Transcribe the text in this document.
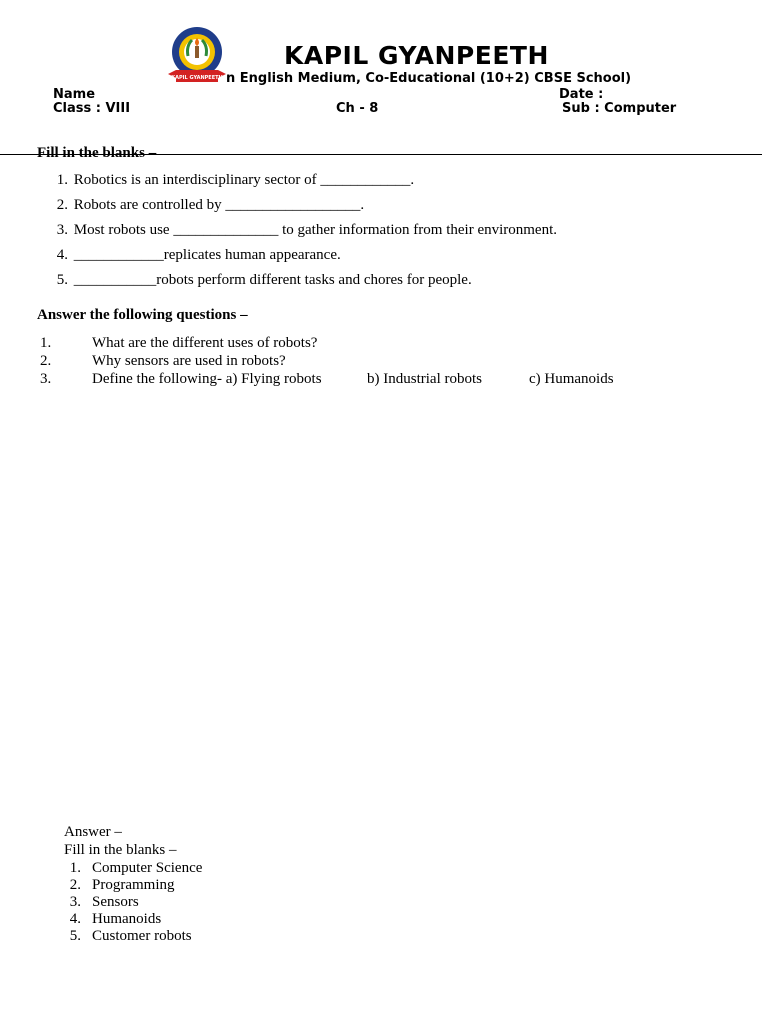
KAPIL GYANPEETH
KAPIL GYANPEETH
n English Medium, Co-Educational (10+2) CBSE School)
Name	Date :
Class : VIII	Ch - 8	Sub : Computer
Fill in the blanks –
1. Robotics is an interdisciplinary sector of ____________.
2. Robots are controlled by __________________.
3. Most robots use ______________ to gather information from their environment.
4. ____________replicates human appearance.
5. ___________robots perform different tasks and chores for people.
Answer the following questions –
1.	What are the different uses of robots?
2.	Why sensors are used in robots?
3.	Define the following- a) Flying robots	b) Industrial robots	c) Humanoids
Answer –
Fill in the blanks –
1. Computer Science
2. Programming
3. Sensors
4. Humanoids
5. Customer robots
